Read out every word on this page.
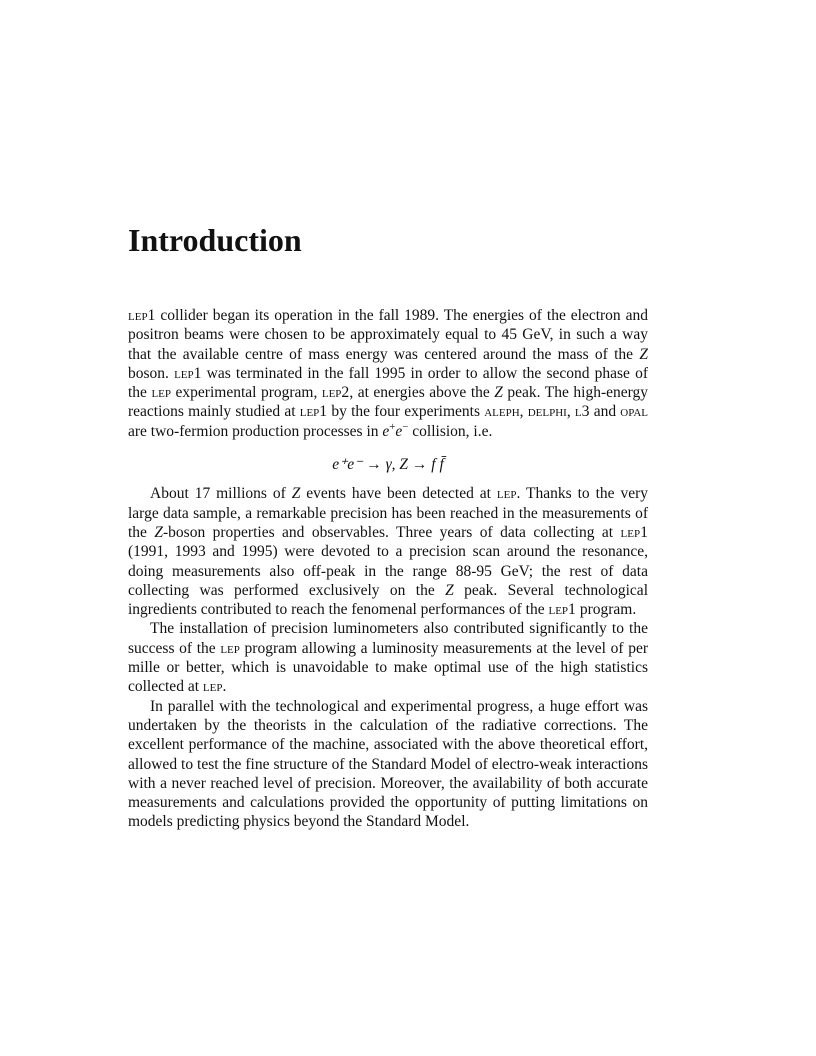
Introduction

lep1 collider began its operation in the fall 1989. The energies of the electron and positron beams were chosen to be approximately equal to 45 GeV, in such a way that the available centre of mass energy was centered around the mass of the Z boson. lep1 was terminated in the fall 1995 in order to allow the second phase of the lep experimental program, lep2, at energies above the Z peak. The high-energy reactions mainly studied at lep1 by the four experiments aleph, delphi, l3 and opal are two-fermion production processes in e+e− collision, i.e.

e⁺e⁻ → γ, Z → f f̄

About 17 millions of Z events have been detected at lep. Thanks to the very large data sample, a remarkable precision has been reached in the measurements of the Z-boson properties and observables. Three years of data collecting at lep1 (1991, 1993 and 1995) were devoted to a precision scan around the resonance, doing measurements also off-peak in the range 88-95 GeV; the rest of data collecting was performed exclusively on the Z peak. Several technological ingredients contributed to reach the fenomenal performances of the lep1 program.

The installation of precision luminometers also contributed significantly to the success of the lep program allowing a luminosity measurements at the level of per mille or better, which is unavoidable to make optimal use of the high statistics collected at lep.

In parallel with the technological and experimental progress, a huge effort was undertaken by the theorists in the calculation of the radiative corrections. The excellent performance of the machine, associated with the above theoretical effort, allowed to test the fine structure of the Standard Model of electro-weak interactions with a never reached level of precision. Moreover, the availability of both accurate measurements and calculations provided the opportunity of putting limitations on models predicting physics beyond the Standard Model.
